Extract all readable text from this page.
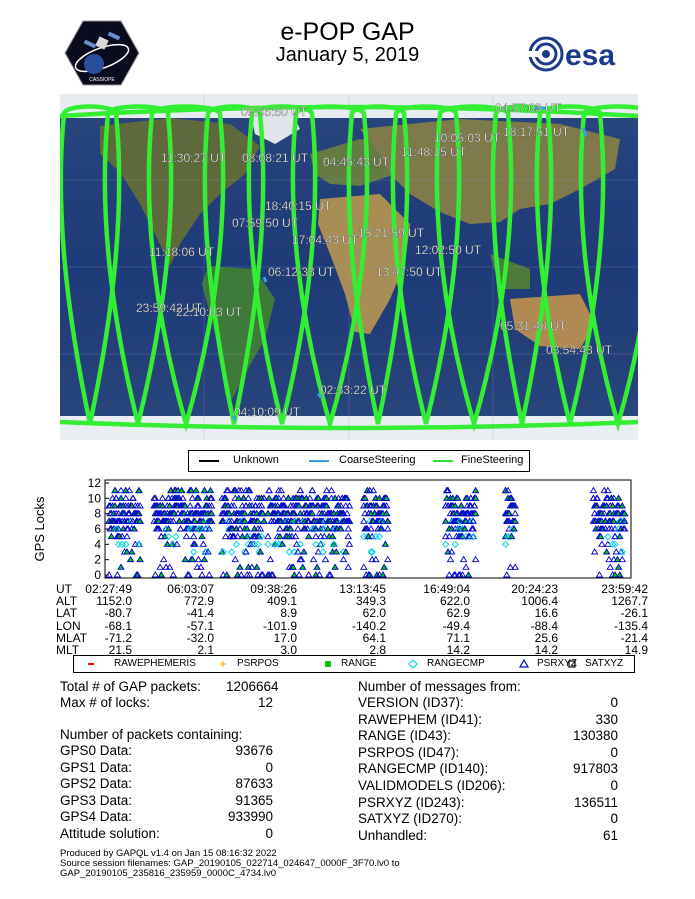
e-POP GAP
January 5, 2019
CASSIOPE
esa
09:55:50 UT	04:57:03 UT
10:05:03 UT 18:17:51 UT
11:30:27 UT 08:08:21 UT 04:45:43 UT
11:48:15 UT
18:40:15 UT
07:59:50 UT
15:21:59 UT
17:04:43 UT
11:18:06 UT	12:02:50 UT
06:12:33 UT	13:47:50 UT
23:59:42 UT
22:10:03 UT
05:31:48 UT
03:54:43 UT
02:33:22 UT
04:10:09 UT
Unknown	CoarseSteering	FineSteering
GPS Locks
0
2
4
6
8
10
12
UT	02:27:49	06:03:07	09:38:26	13:13:45	16:49:04	20:24:23	23:59:42
ALT	1152.0	772.9	409.1	349.3	622.0	1006.4	1267.7
LAT	-80.7	-41.4	8.9	62.0	62.9	16.6	-26.1
LON	-68.1	-57.1	-101.9	-140.2	-49.4	-88.4	-135.4
MLAT	-71.2	-32.0	17.0	64.1	71.1	25.6	-21.4
MLT	21.5	2.1	3.0	2.8	14.2	14.2	14.9
RAWEPHEMERIS	PSRPOS	RANGE	RANGECMP	PSRXYZ SATXYZ
Total # of GAP packets: 1206664
Max # of locks:	12
Number of packets containing:
GPS0 Data:	93676
GPS1 Data:	0
GPS2 Data:	87633
GPS3 Data:	91365
GPS4 Data:	933990
Attitude solution:	0
Number of messages from:
VERSION (ID37):	0
RAWEPHEM (ID41):	330
RANGE (ID43):	130380
PSRPOS (ID47):	0
RANGECMP (ID140):	917803
VALIDMODELS (ID206):	0
PSRXYZ (ID243):	136511
SATXYZ (ID270):	0
Unhandled:	61
Produced by GAPQL v1.4 on Jan 15 08:16:32 2022
Source session filenames: GAP_20190105_022714_024647_0000F_3F70.lv0 to
GAP_20190105_235816_235959_0000C_4734.lv0
